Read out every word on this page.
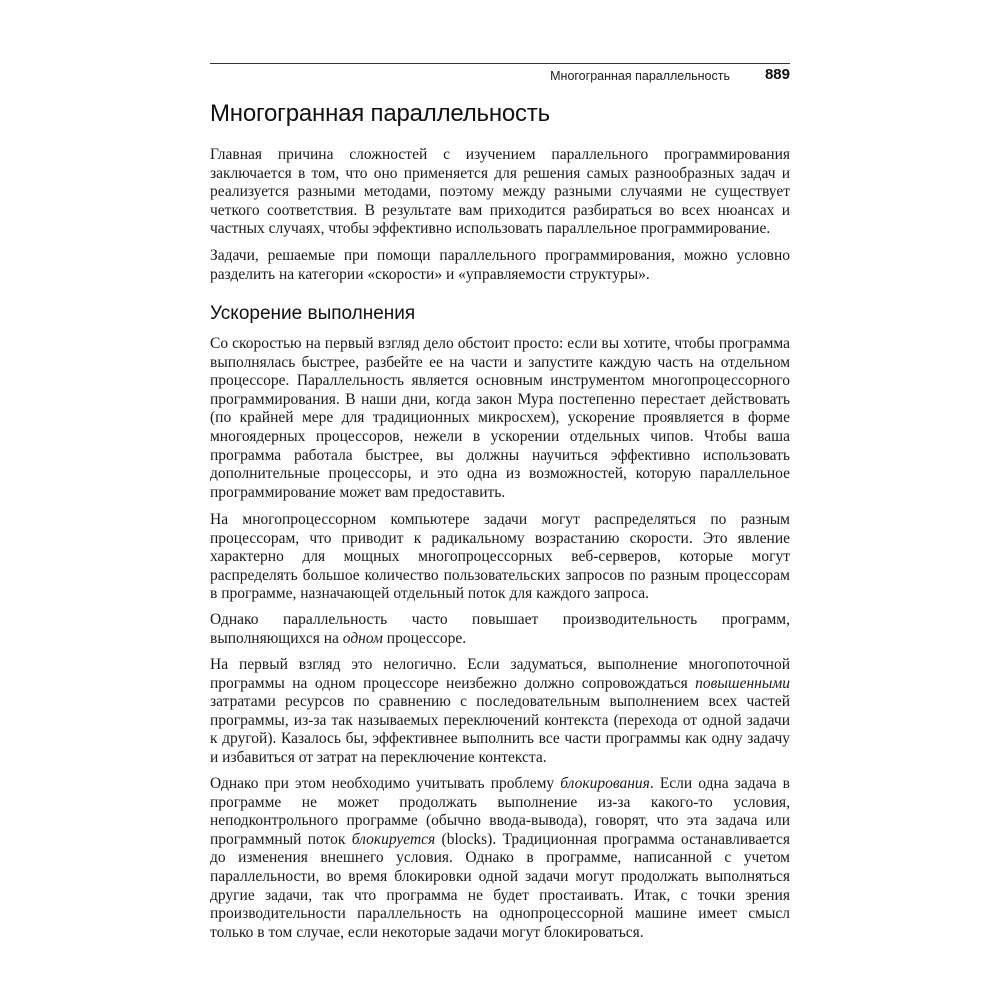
Многогранная параллельность 889
Многогранная параллельность

Главная причина сложностей с изучением параллельного программирования заключается в том, что оно применяется для решения самых разнообразных задач и реализуется разными методами, поэтому между разными случаями не существует четкого соответствия. В результате вам приходится разбираться во всех нюансах и частных случаях, чтобы эффективно использовать параллельное программирование.

Задачи, решаемые при помощи параллельного программирования, можно условно разделить на категории «скорости» и «управляемости структуры».

Ускорение выполнения

Со скоростью на первый взгляд дело обстоит просто: если вы хотите, чтобы программа выполнялась быстрее, разбейте ее на части и запустите каждую часть на отдельном процессоре. Параллельность является основным инструментом многопроцессорного программирования. В наши дни, когда закон Мура постепенно перестает действовать (по крайней мере для традиционных микросхем), ускорение проявляется в форме многоядерных процессоров, нежели в ускорении отдельных чипов. Чтобы ваша программа работала быстрее, вы должны научиться эффективно использовать дополнительные процессоры, и это одна из возможностей, которую параллельное программирование может вам предоставить.

На многопроцессорном компьютере задачи могут распределяться по разным процессорам, что приводит к радикальному возрастанию скорости. Это явление характерно для мощных многопроцессорных веб-серверов, которые могут распределять большое количество пользовательских запросов по разным процессорам в программе, назначающей отдельный поток для каждого запроса.

Однако параллельность часто повышает производительность программ, выполняющихся на одном процессоре.

На первый взгляд это нелогично. Если задуматься, выполнение многопоточной программы на одном процессоре неизбежно должно сопровождаться повышенными затратами ресурсов по сравнению с последовательным выполнением всех частей программы, из-за так называемых переключений контекста (перехода от одной задачи к другой). Казалось бы, эффективнее выполнить все части программы как одну задачу и избавиться от затрат на переключение контекста.

Однако при этом необходимо учитывать проблему блокирования. Если одна задача в программе не может продолжать выполнение из-за какого-то условия, неподконтрольного программе (обычно ввода-вывода), говорят, что эта задача или программный поток блокируется (blocks). Традиционная программа останавливается до изменения внешнего условия. Однако в программе, написанной с учетом параллельности, во время блокировки одной задачи могут продолжать выполняться другие задачи, так что программа не будет простаивать. Итак, с точки зрения производительности параллельность на однопроцессорной машине имеет смысл только в том случае, если некоторые задачи могут блокироваться.
